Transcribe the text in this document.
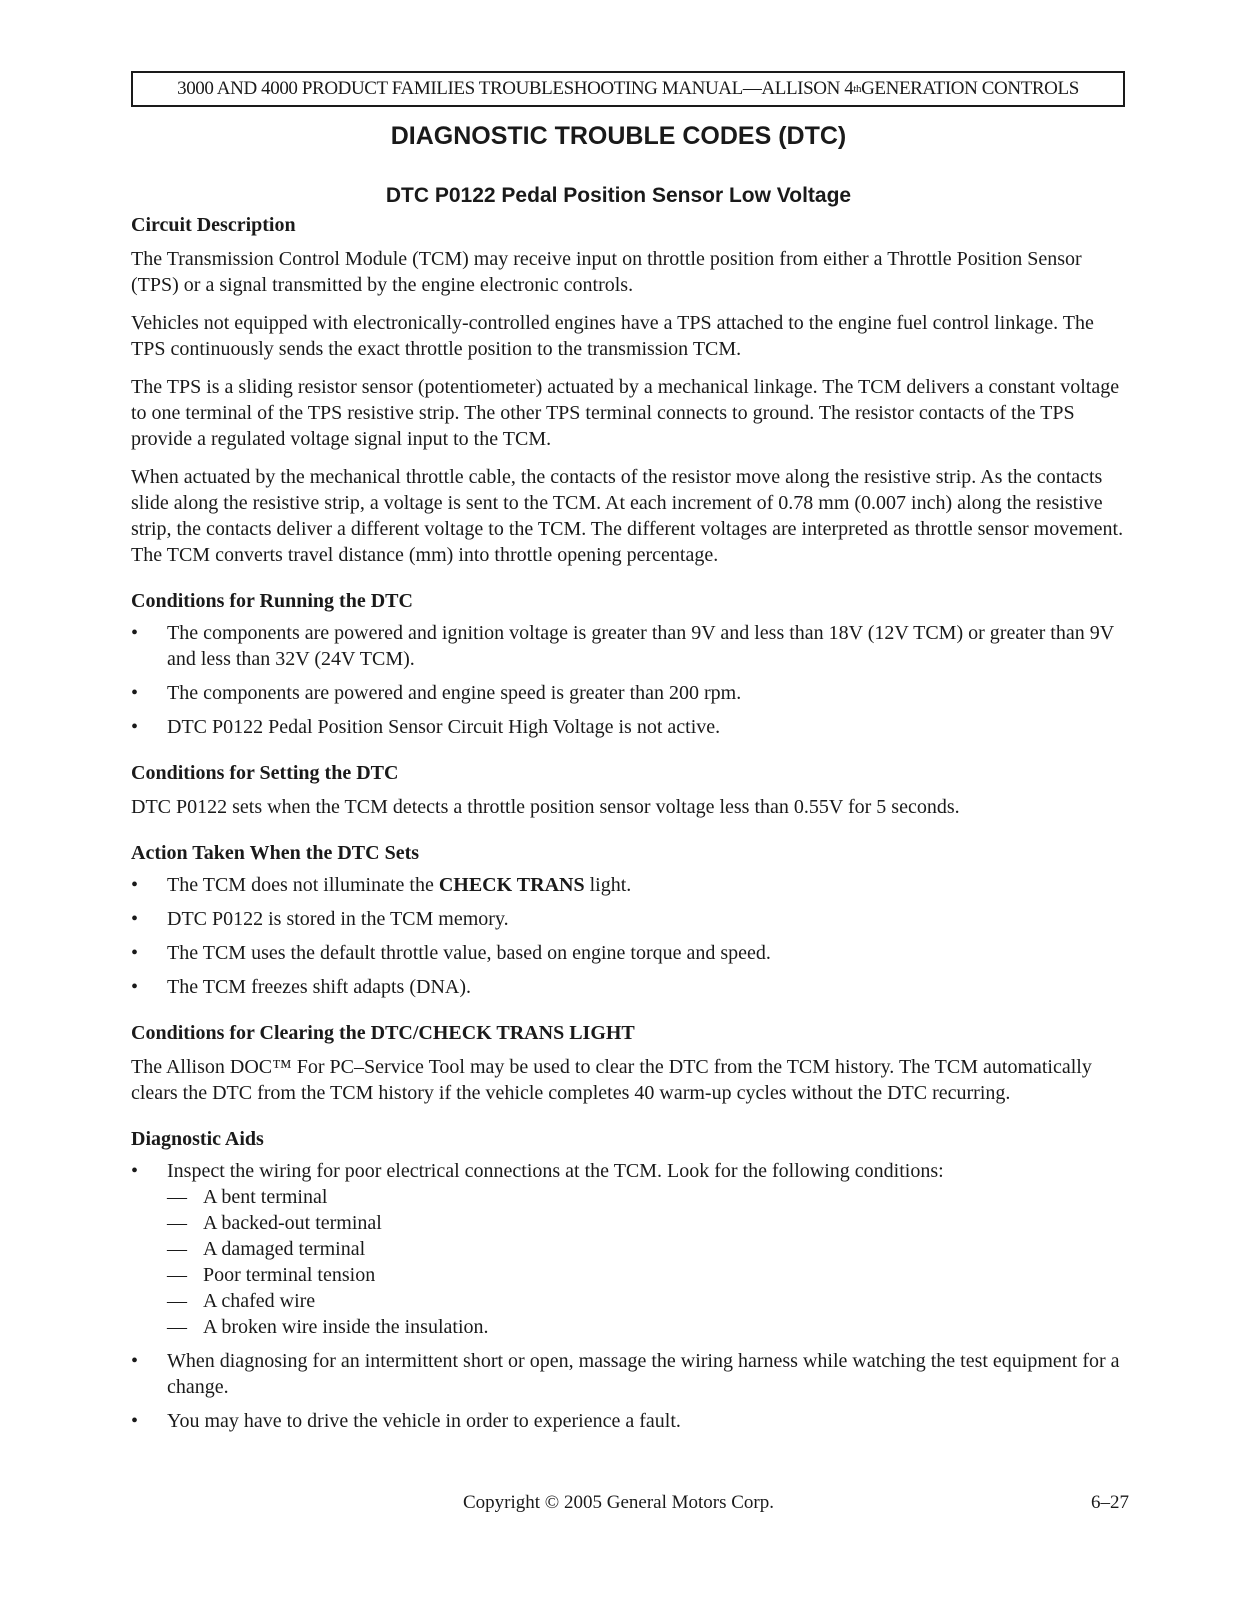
3000 AND 4000 PRODUCT FAMILIES TROUBLESHOOTING MANUAL—ALLISON 4 th GENERATION CONTROLS
DIAGNOSTIC TROUBLE CODES (DTC)
DTC P0122 Pedal Position Sensor Low Voltage
Circuit Description

The Transmission Control Module (TCM) may receive input on throttle position from either a Throttle Position Sensor (TPS) or a signal transmitted by the engine electronic controls.

Vehicles not equipped with electronically-controlled engines have a TPS attached to the engine fuel control linkage. The TPS continuously sends the exact throttle position to the transmission TCM.

The TPS is a sliding resistor sensor (potentiometer) actuated by a mechanical linkage. The TCM delivers a constant voltage to one terminal of the TPS resistive strip. The other TPS terminal connects to ground. The resistor contacts of the TPS provide a regulated voltage signal input to the TCM.

When actuated by the mechanical throttle cable, the contacts of the resistor move along the resistive strip. As the contacts slide along the resistive strip, a voltage is sent to the TCM. At each increment of 0.78 mm (0.007 inch) along the resistive strip, the contacts deliver a different voltage to the TCM. The different voltages are interpreted as throttle sensor movement. The TCM converts travel distance (mm) into throttle opening percentage.

Conditions for Running the DTC
• The components are powered and ignition voltage is greater than 9V and less than 18V (12V TCM) or greater than 9V and less than 32V (24V TCM).
• The components are powered and engine speed is greater than 200 rpm.
• DTC P0122 Pedal Position Sensor Circuit High Voltage is not active.
Conditions for Setting the DTC

DTC P0122 sets when the TCM detects a throttle position sensor voltage less than 0.55V for 5 seconds.

Action Taken When the DTC Sets
• The TCM does not illuminate the CHECK TRANS light.
• DTC P0122 is stored in the TCM memory.
• The TCM uses the default throttle value, based on engine torque and speed.
• The TCM freezes shift adapts (DNA).
Conditions for Clearing the DTC/CHECK TRANS LIGHT

The Allison DOC™ For PC–Service Tool may be used to clear the DTC from the TCM history. The TCM automatically clears the DTC from the TCM history if the vehicle completes 40 warm-up cycles without the DTC recurring.

Diagnostic Aids
• Inspect the wiring for poor electrical connections at the TCM. Look for the following conditions:
— A bent terminal
— A backed-out terminal
— A damaged terminal
— Poor terminal tension
— A chafed wire
— A broken wire inside the insulation.
• When diagnosing for an intermittent short or open, massage the wiring harness while watching the test equipment for a change.
• You may have to drive the vehicle in order to experience a fault.
Copyright © 2005 General Motors Corp.	6–27
